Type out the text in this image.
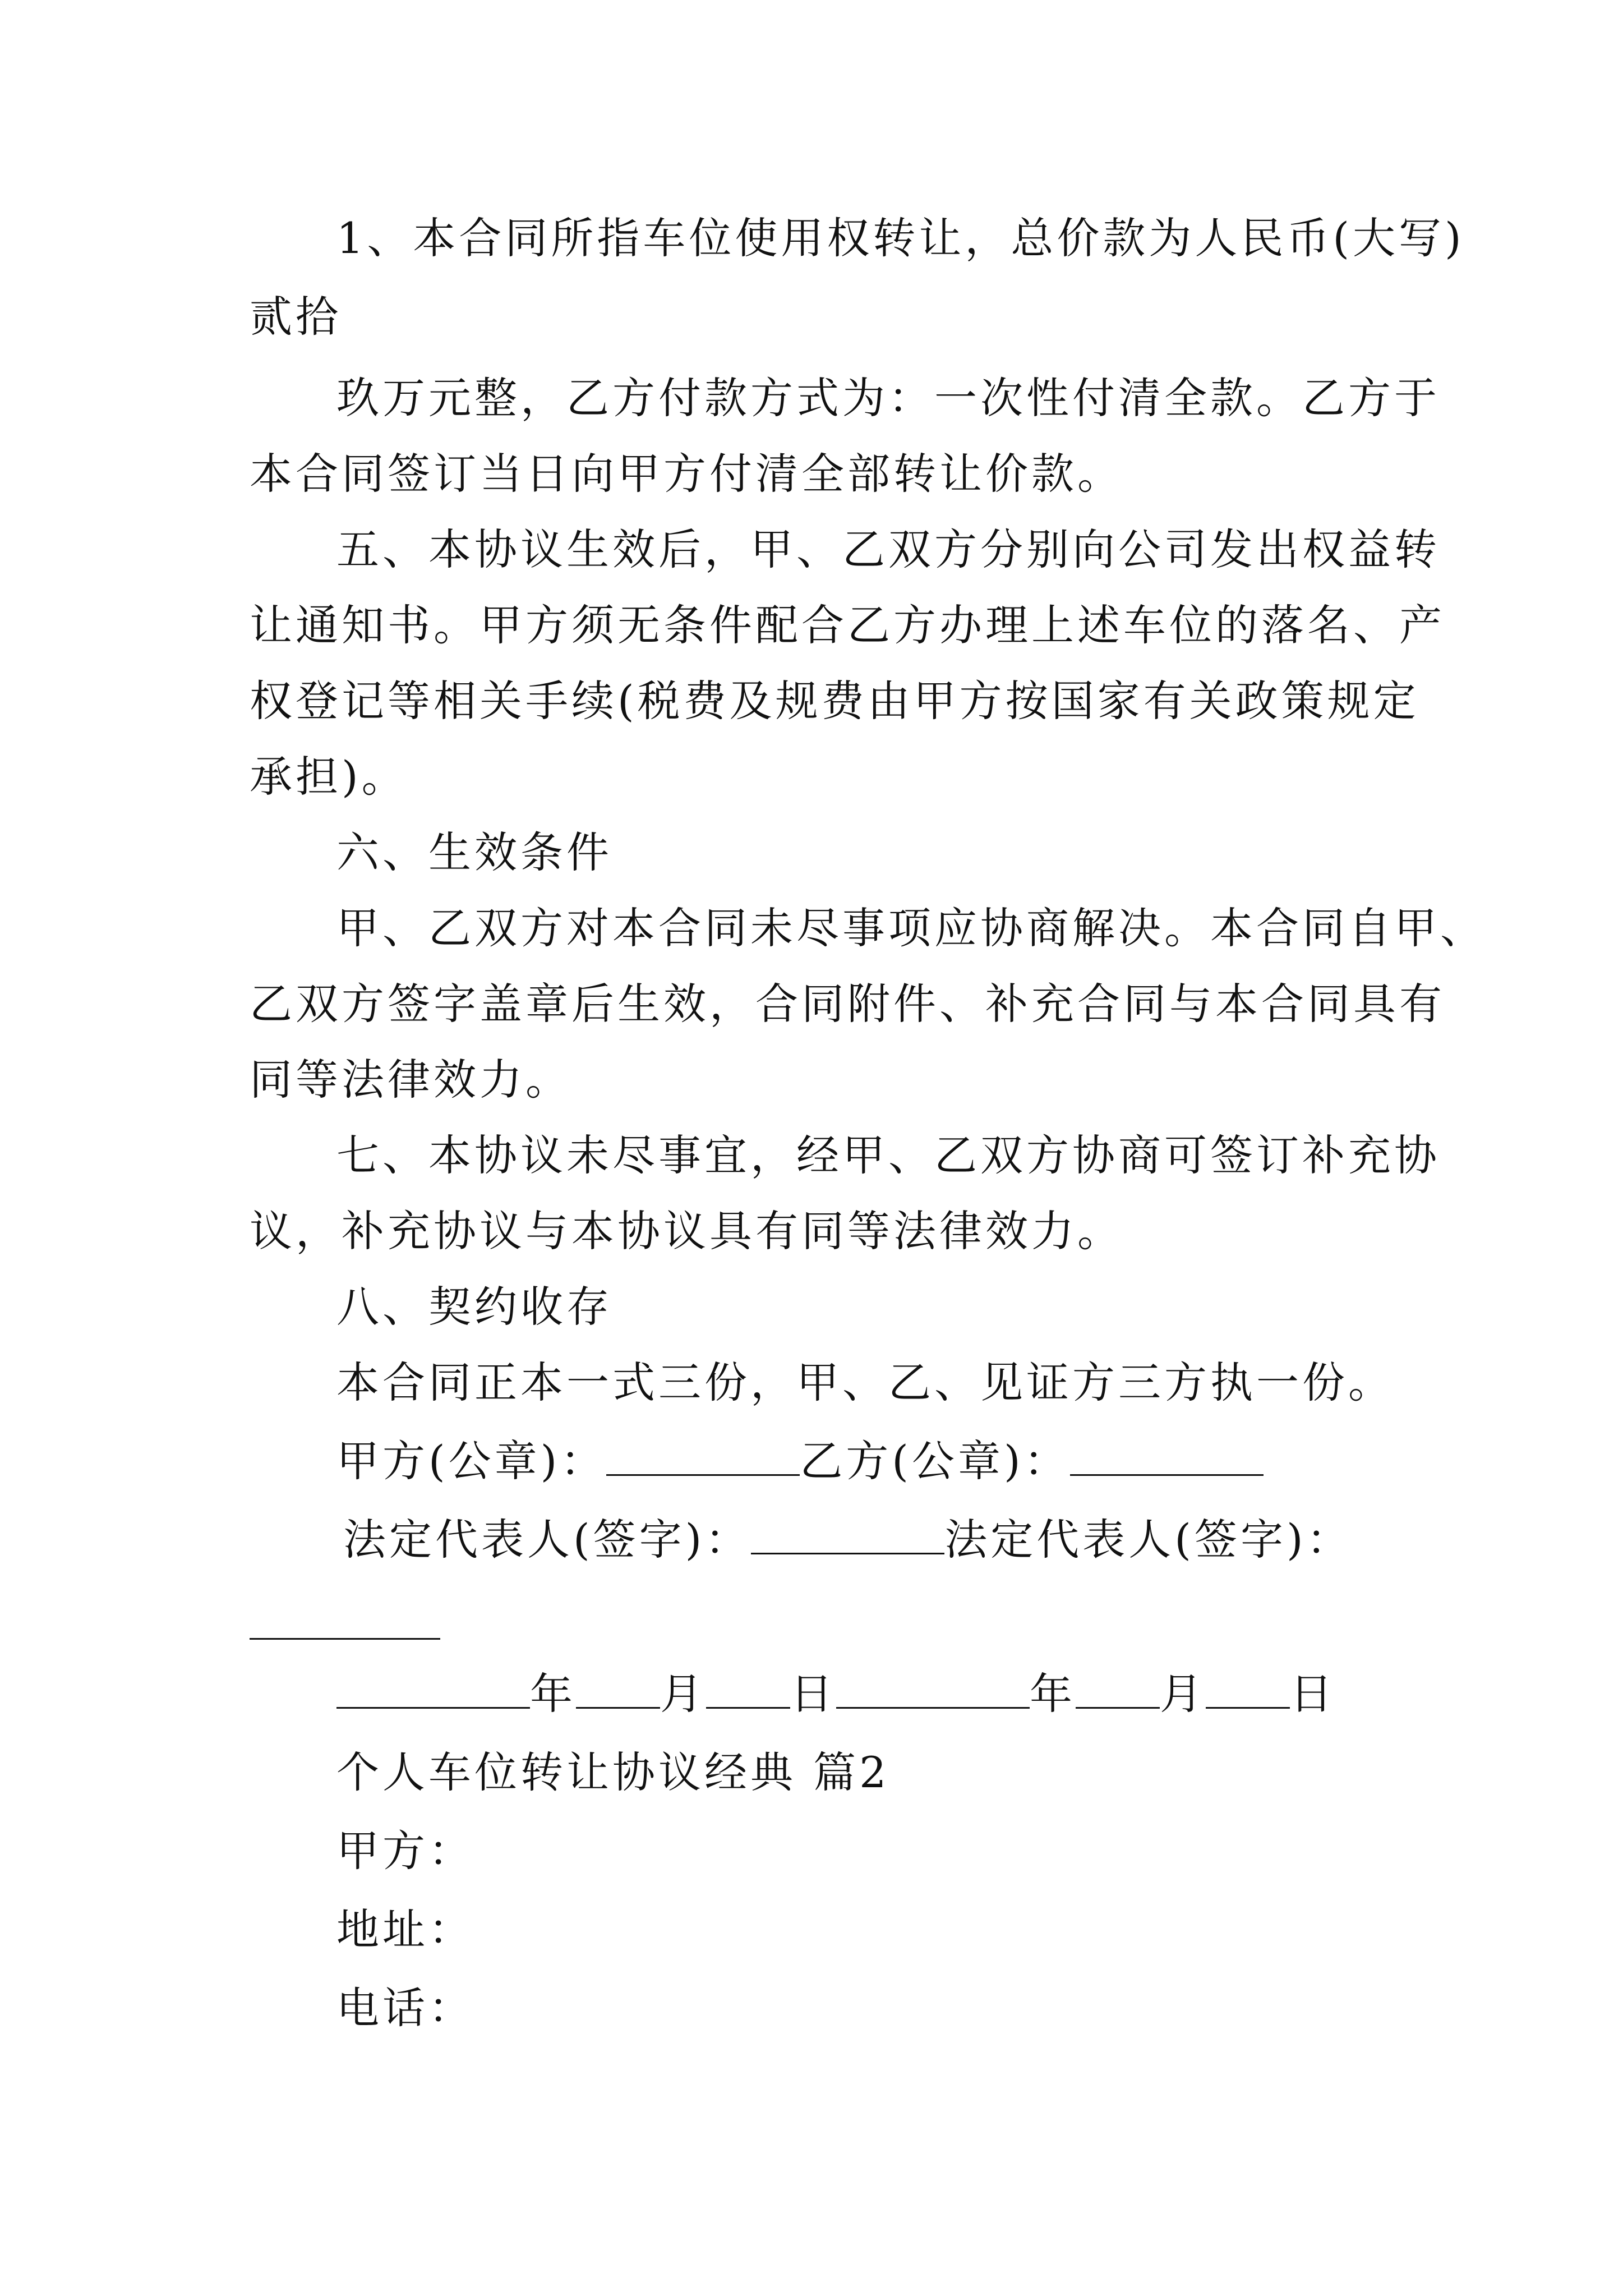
1、本合同所指车位使用权转让，总价款为人民币(大写)
贰拾
玖万元整，乙方付款方式为：一次性付清全款。乙方于
本合同签订当日向甲方付清全部转让价款。
五、本协议生效后，甲、乙双方分别向公司发出权益转
让通知书。甲方须无条件配合乙方办理上述车位的落名、产
权登记等相关手续(税费及规费由甲方按国家有关政策规定
承担)。
六、生效条件
甲、乙双方对本合同未尽事项应协商解决。本合同自甲、
乙双方签字盖章后生效，合同附件、补充合同与本合同具有
同等法律效力。
七、本协议未尽事宜，经甲、乙双方协商可签订补充协
议，补充协议与本协议具有同等法律效力。
八、契约收存
本合同正本一式三份，甲、乙、见证方三方执一份。
甲方(公章)：	乙方(公章)：
法定代表人(签字)：	法定代表人(签字)：
年 月 日	年 月 日
个人车位转让协议经典 篇2
甲方：
地址：
电话：
